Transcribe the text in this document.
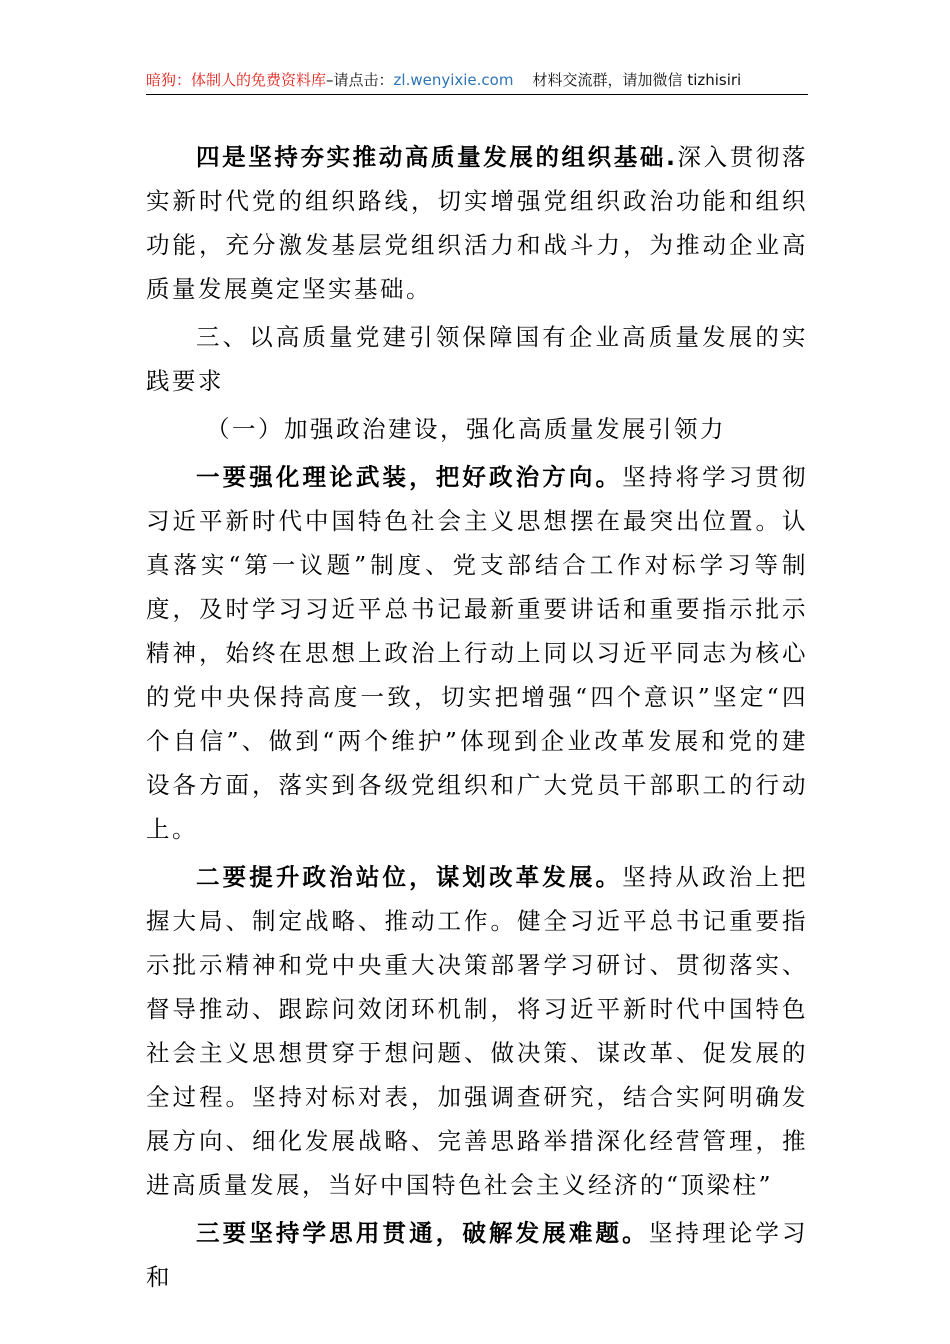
暗狗：体制人的免费资料库–请点击：zl.wenyixie.com 材料交流群，请加微信 tizhisiri

四是坚持夯实推动高质量发展的组织基础.深入贯彻落实新时代党的组织路线，切实增强党组织政治功能和组织功能，充分激发基层党组织活力和战斗力，为推动企业高质量发展奠定坚实基础。

三、以高质量党建引领保障国有企业高质量发展的实践要求

（一）加强政治建设，强化高质量发展引领力

一要强化理论武装，把好政治方向。坚持将学习贯彻习近平新时代中国特色社会主义思想摆在最突出位置。认真落实“第一议题”制度、党支部结合工作对标学习等制度，及时学习习近平总书记最新重要讲话和重要指示批示精神，始终在思想上政治上行动上同以习近平同志为核心的党中央保持高度一致，切实把增强“四个意识”坚定“四个自信”、做到“两个维护”体现到企业改革发展和党的建设各方面，落实到各级党组织和广大党员干部职工的行动上。

二要提升政治站位，谋划改革发展。坚持从政治上把握大局、制定战略、推动工作。健全习近平总书记重要指示批示精神和党中央重大决策部署学习研讨、贯彻落实、督导推动、跟踪问效闭环机制，将习近平新时代中国特色社会主义思想贯穿于想问题、做决策、谋改革、促发展的全过程。坚持对标对表，加强调查研究，结合实阿明确发展方向、细化发展战略、完善思路举措深化经营管理，推进高质量发展，当好中国特色社会主义经济的“顶梁柱”

三要坚持学思用贯通，破解发展难题。坚持理论学习和
